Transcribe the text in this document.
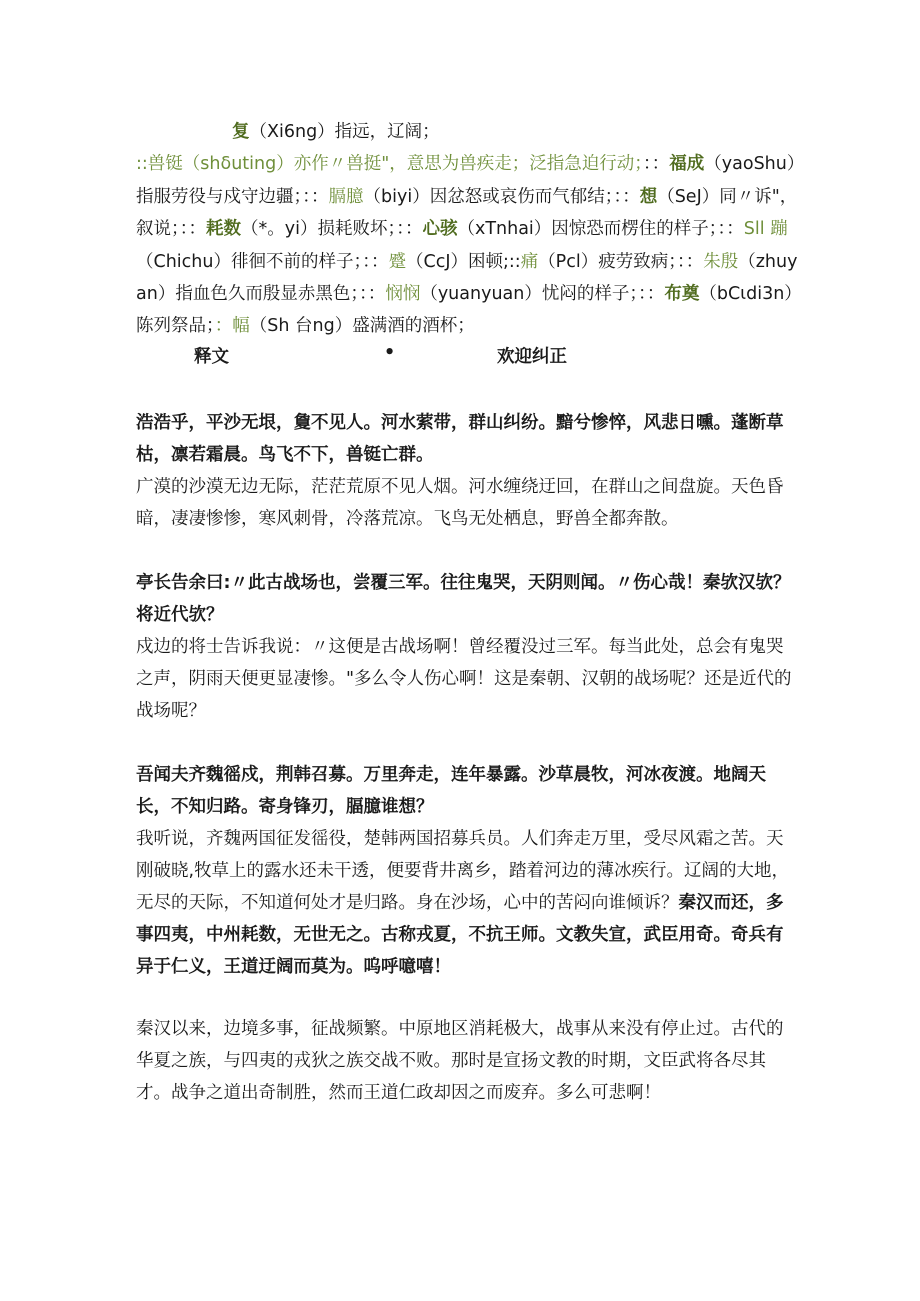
复（Xi6ng）指远，辽阔；
::兽铤（shδuting）亦作〃兽挺"，意思为兽疾走；泛指急迫行动；：：福成（yaoShu）指服劳役与戍守边疆；：：膈臆（biyi）因忿怒或哀伤而气郁结；：：想（SeJ）同〃诉"，叙说；：：耗数（*。yi）损耗败坏；：：心骇（xTnhai）因惊恐而楞住的样子；：：Sll 蹦（Chichu）徘徊不前的样子；：：蹙（CcJ）困顿;::痛（Pcl）疲劳致病；：：朱殷（zhuyan）指血色久而殷显赤黑色；：：悯悯（yuanyuan）忧闷的样子；：：布奠（bCιdi3n）陈列祭品；：幅（Sh 台ng）盛满酒的酒杯；

释文	•	欢迎纠正

浩浩乎，平沙无垠，敻不见人。河水萦带，群山纠纷。黯兮惨悴，风悲日曛。蓬断草枯，凛若霜晨。鸟飞不下，兽铤亡群。

广漠的沙漠无边无际，茫茫荒原不见人烟。河水缠绕迂回，在群山之间盘旋。天色昏暗，凄凄惨惨，寒风刺骨，冷落荒凉。飞鸟无处栖息，野兽全都奔散。

亭长告余曰:〃此古战场也，尝覆三军。往往鬼哭，天阴则闻。〃伤心哉！秦欤汉欤？将近代欤？

戍边的将士告诉我说：〃这便是古战场啊！曾经覆没过三军。每当此处，总会有鬼哭之声，阴雨天便更显凄惨。"多么令人伤心啊！这是秦朝、汉朝的战场呢？还是近代的战场呢？

吾闻夫齐魏徭戍，荆韩召募。万里奔走，连年暴露。沙草晨牧，河冰夜渡。地阔天长，不知归路。寄身锋刃，腷臆谁想？

我听说，齐魏两国征发徭役，楚韩两国招募兵员。人们奔走万里，受尽风霜之苦。天刚破晓,牧草上的露水还未干透，便要背井离乡，踏着河边的薄冰疾行。辽阔的大地，无尽的天际，不知道何处才是归路。身在沙场，心中的苦闷向谁倾诉？秦汉而还，多事四夷，中州耗数，无世无之。古称戎夏，不抗王师。文教失宣，武臣用奇。奇兵有异于仁义，王道迂阔而莫为。呜呼噫嘻！

秦汉以来，边境多事，征战频繁。中原地区消耗极大，战事从来没有停止过。古代的华夏之族，与四夷的戎狄之族交战不败。那时是宣扬文教的时期，文臣武将各尽其才。战争之道出奇制胜，然而王道仁政却因之而废弃。多么可悲啊！
